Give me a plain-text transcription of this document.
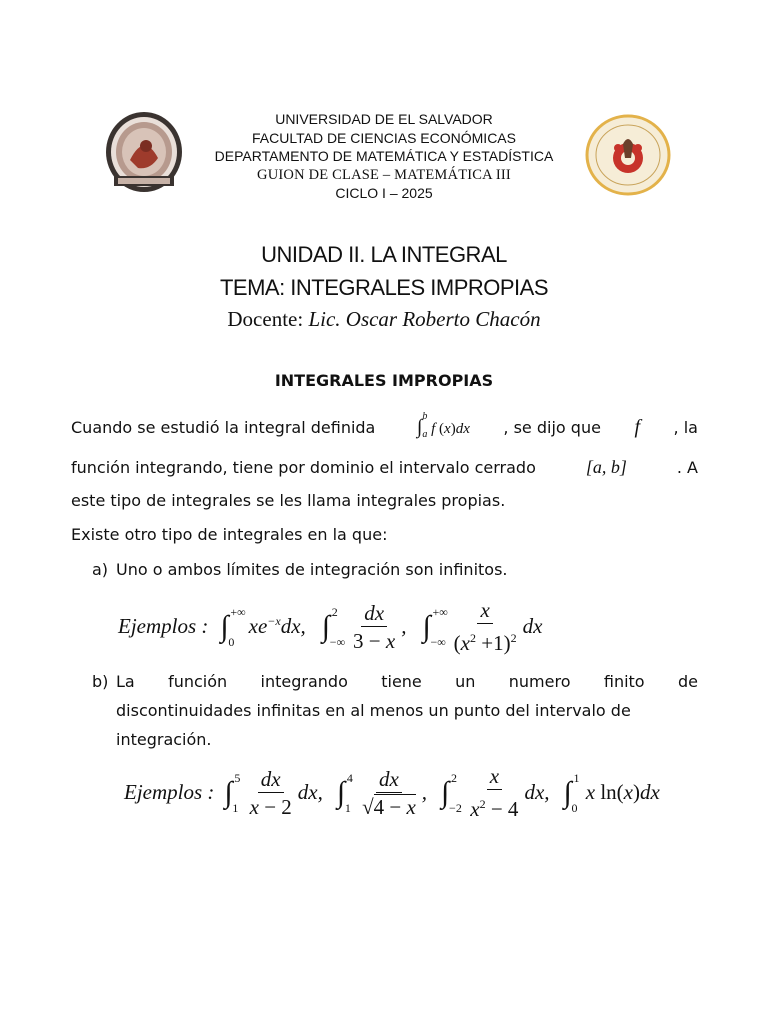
UNIVERSIDAD DE EL SALVADOR
FACULTAD DE CIENCIAS ECONÓMICAS
DEPARTAMENTO DE MATEMÁTICA Y ESTADÍSTICA
GUION DE CLASE – MATEMÁTICA III
CICLO I – 2025
UNIDAD II. LA INTEGRAL
TEMA: INTEGRALES IMPROPIAS
Docente: Lic. Oscar Roberto Chacón
INTEGRALES IMPROPIAS
Cuando se estudió la integral definida	∫$^b_a$ f (x)dx , se dijo que f , la
función integrando, tiene por dominio el intervalo cerrado	[a, b]	. A
este tipo de integrales se les llama integrales propias.
Existe otro tipo de integrales en la que:
a) Uno o ambos límites de integración son infinitos.
Ejemplos : ∫ +∞
0
$xe^{-x}dx$, ∫ 2
−∞ $\frac{dx}{3 - x}$ , ∫ +∞
−∞ $\frac{x}{(x^2 +1)^2}$ dx
b) La función integrando tiene un numero finito de
discontinuidades infinitas en al menos un punto del intervalo de
integración.
Ejemplos : ∫ 5
$1 \frac{dx}{x - 2}$ dx, ∫ 4
$1 \frac{dx}{√4 - x}$ , ∫ 2
$-2 \frac{x}{x^2 - 4}$ dx, ∫ 1
0
x ln(x)dx
